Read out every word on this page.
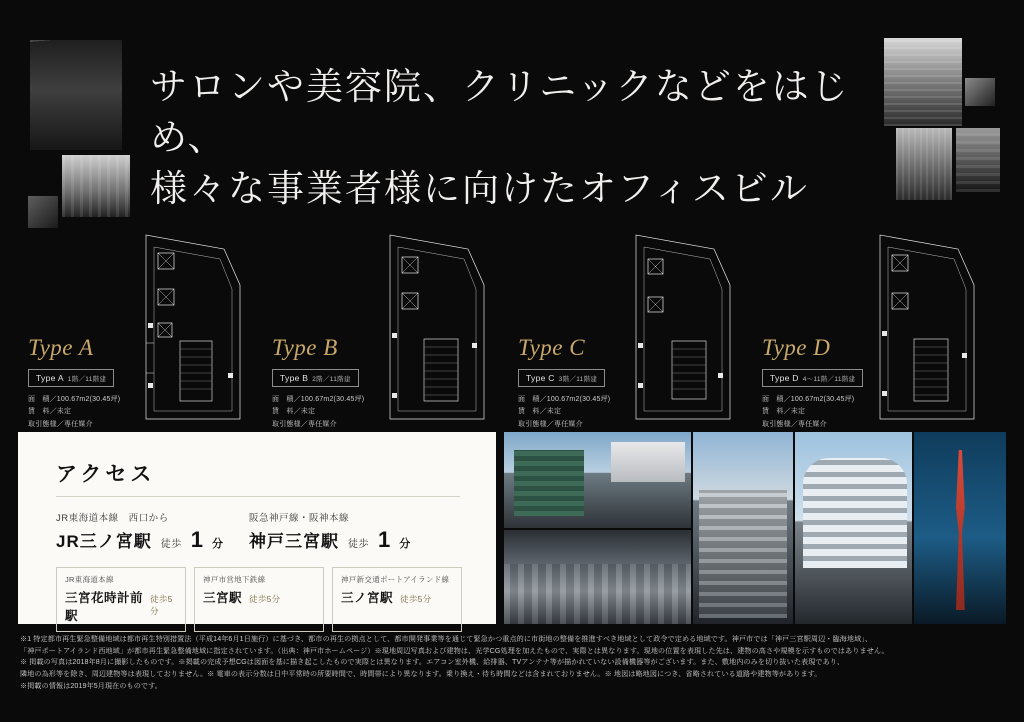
サロンや美容院、クリニックなどをはじめ、
様々な事業者様に向けたオフィスビル
Type A
Type A 1階／11階建
面　積／100.67m2(30.45坪)
賃　料／未定
取引態様／専任媒介
Type B
Type B 2階／11階建
面　積／100.67m2(30.45坪)
賃　料／未定
取引態様／専任媒介
Type C
Type C 3階／11階建
面　積／100.67m2(30.45坪)
賃　料／未定
取引態様／専任媒介
Type D
Type D 4～11階／11階建
面　積／100.67m2(30.45坪)
賃　料／未定
取引態様／専任媒介
アクセス
JR東海道本線 西口から
JR三ノ宮駅 徒歩 1 分
阪急神戸線・阪神本線
神戸三宮駅 徒歩 1 分
JR東海道本線
三宮花時計前駅
徒歩5分
神戸市営地下鉄線
三宮駅 徒歩5分
神戸新交通ポートアイランド線
三ノ宮駅 徒歩5分

※1 特定都市再生緊急整備地域は都市再生特別措置法（平成14年6月1日施行）に基づき、都市の再生の拠点として、都市開発事業等を通じて緊急かつ重点的に市街地の整備を推進すべき地域として政令で定める地域です。神戸市では「神戸三宮駅周辺・臨海地域」、

「神戸ポートアイランド西地域」が都市再生緊急整備地域に指定されています。（出典：神戸市ホームページ）※現地周辺写真および建物は、光学CG処理を加えたもので、実際とは異なります。現地の位置を表現した先は、建物の高さや規模を示すものではありません。

※ 掲載の写真は2018年8月に撮影したものです。※掲載の完成予想CGは図面を基に描き起こしたもので実際とは異なります。エアコン室外機、給排器、TVアンテナ等が描かれていない設備機器等がございます。また、敷地内のみを切り抜いた表現であり、

隣地の為形等を除き、周辺建物等は表現しておりません。※ 電車の表示分数は日中平常時の所要時間で、時間帯により異なります。乗り換え・待ち時間などは含まれておりません。※ 地図は略地図につき、省略されている道路や建物等があります。

※掲載の情報は2019年5月現在のものです。
